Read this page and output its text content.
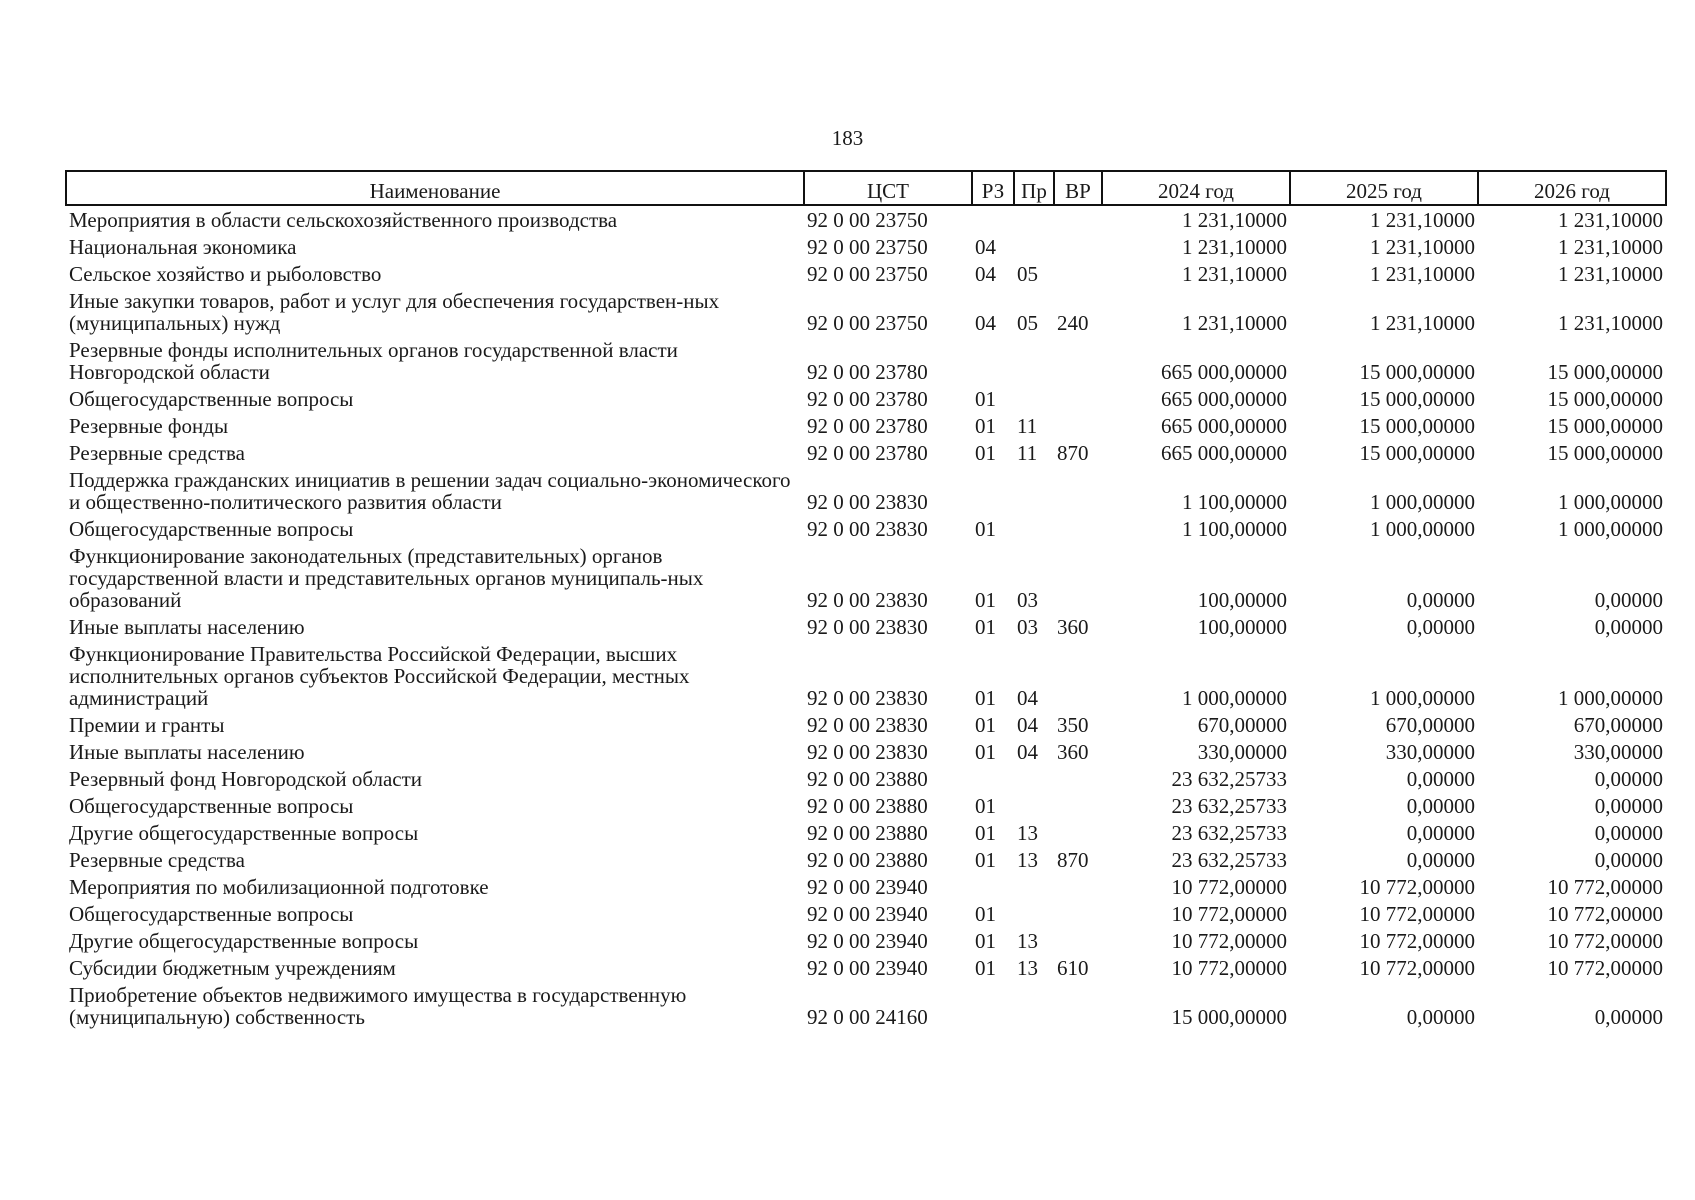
183
Наименование	ЦСТ	РЗ	Пр	ВР	2024 год	2025 год	2026 год
Мероприятия в области сельскохозяйственного производства	92 0 00 23750				1 231,10000	1 231,10000	1 231,10000
Национальная экономика	92 0 00 23750	04			1 231,10000	1 231,10000	1 231,10000
Сельское хозяйство и рыболовство	92 0 00 23750	04	05		1 231,10000	1 231,10000	1 231,10000
Иные закупки товаров, работ и услуг для обеспечения государствен-ных (муниципальных) нужд	92 0 00 23750	04	05	240	1 231,10000	1 231,10000	1 231,10000
Резервные фонды исполнительных органов государственной власти Новгородской области	92 0 00 23780				665 000,00000	15 000,00000	15 000,00000
Общегосударственные вопросы	92 0 00 23780	01			665 000,00000	15 000,00000	15 000,00000
Резервные фонды	92 0 00 23780	01	11		665 000,00000	15 000,00000	15 000,00000
Резервные средства	92 0 00 23780	01	11	870	665 000,00000	15 000,00000	15 000,00000
Поддержка гражданских инициатив в решении задач социально-экономического и общественно-политического развития области	92 0 00 23830				1 100,00000	1 000,00000	1 000,00000
Общегосударственные вопросы	92 0 00 23830	01			1 100,00000	1 000,00000	1 000,00000
Функционирование законодательных (представительных) органов государственной власти и представительных органов муниципаль-ных образований	92 0 00 23830	01	03		100,00000	0,00000	0,00000
Иные выплаты населению	92 0 00 23830	01	03	360	100,00000	0,00000	0,00000
Функционирование Правительства Российской Федерации, высших исполнительных органов субъектов Российской Федерации, местных администраций	92 0 00 23830	01	04		1 000,00000	1 000,00000	1 000,00000
Премии и гранты	92 0 00 23830	01	04	350	670,00000	670,00000	670,00000
Иные выплаты населению	92 0 00 23830	01	04	360	330,00000	330,00000	330,00000
Резервный фонд Новгородской области	92 0 00 23880				23 632,25733	0,00000	0,00000
Общегосударственные вопросы	92 0 00 23880	01			23 632,25733	0,00000	0,00000
Другие общегосударственные вопросы	92 0 00 23880	01	13		23 632,25733	0,00000	0,00000
Резервные средства	92 0 00 23880	01	13	870	23 632,25733	0,00000	0,00000
Мероприятия по мобилизационной подготовке	92 0 00 23940				10 772,00000	10 772,00000	10 772,00000
Общегосударственные вопросы	92 0 00 23940	01			10 772,00000	10 772,00000	10 772,00000
Другие общегосударственные вопросы	92 0 00 23940	01	13		10 772,00000	10 772,00000	10 772,00000
Субсидии бюджетным учреждениям	92 0 00 23940	01	13	610	10 772,00000	10 772,00000	10 772,00000
Приобретение объектов недвижимого имущества в государственную (муниципальную) собственность	92 0 00 24160				15 000,00000	0,00000	0,00000
